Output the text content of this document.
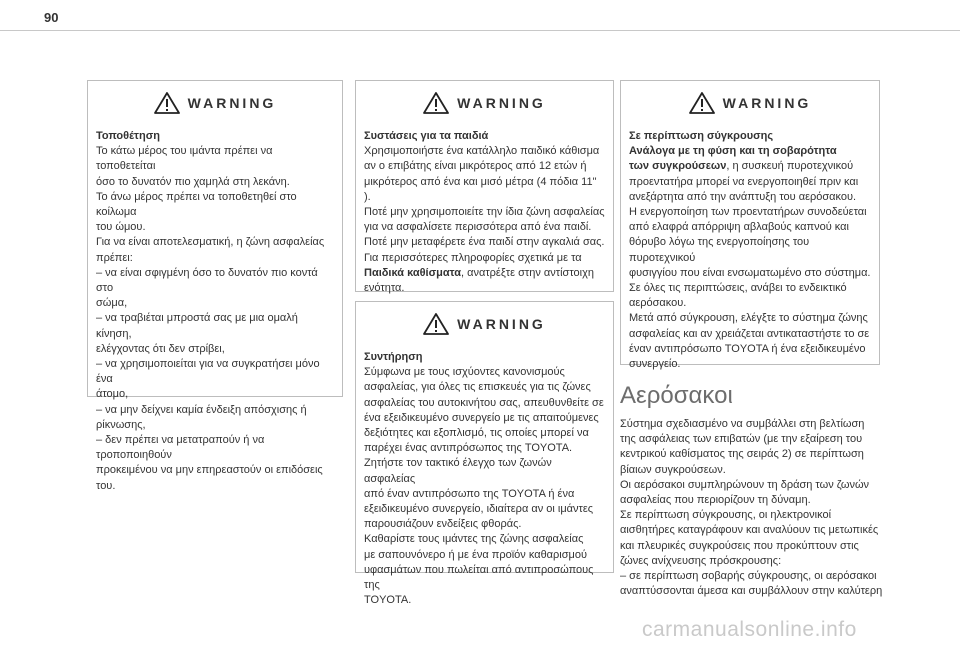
90
WARNING

Τοποθέτηση

Το κάτω μέρος του ιμάντα πρέπει να τοποθετείται

όσο το δυνατόν πιο χαμηλά στη λεκάνη.

Το άνω μέρος πρέπει να τοποθετηθεί στο κοίλωμα

του ώμου.

Για να είναι αποτελεσματική, η ζώνη ασφαλείας

πρέπει:

– να είναι σφιγμένη όσο το δυνατόν πιο κοντά στο

σώμα,

– να τραβιέται μπροστά σας με μια ομαλή κίνηση,

ελέγχοντας ότι δεν στρίβει,

– να χρησιμοποιείται για να συγκρατήσει μόνο ένα

άτομο,

– να μην δείχνει καμία ένδειξη απόσχισης ή

ρίκνωσης,

– δεν πρέπει να μετατραπούν ή να τροποποιηθούν

προκειμένου να μην επηρεαστούν οι επιδόσεις του.

WARNING

Συστάσεις για τα παιδιά

Χρησιμοποιήστε ένα κατάλληλο παιδικό κάθισμα

αν ο επιβάτης είναι μικρότερος από 12 ετών ή

μικρότερος από ένα και μισό μέτρα (4 πόδια 11" ).

Ποτέ μην χρησιμοποιείτε την ίδια ζώνη ασφαλείας

για να ασφαλίσετε περισσότερα από ένα παιδί.

Ποτέ μην μεταφέρετε ένα παιδί στην αγκαλιά σας.

Για περισσότερες πληροφορίες σχετικά με τα

Παιδικά καθίσματα, ανατρέξτε στην αντίστοιχη

ενότητα.

WARNING

Συντήρηση

Σύμφωνα με τους ισχύοντες κανονισμούς

ασφαλείας, για όλες τις επισκευές για τις ζώνες

ασφαλείας του αυτοκινήτου σας, απευθυνθείτε σε

ένα εξειδικευμένο συνεργείο με τις απαιτούμενες

δεξιότητες και εξοπλισμό, τις οποίες μπορεί να

παρέχει ένας αντιπρόσωπος της TOYOTA.

Ζητήστε τον τακτικό έλεγχο των ζωνών ασφαλείας

από έναν αντιπρόσωπο της TOYOTA ή ένα

εξειδικευμένο συνεργείο, ιδιαίτερα αν οι ιμάντες

παρουσιάζουν ενδείξεις φθοράς.

Καθαρίστε τους ιμάντες της ζώνης ασφαλείας

με σαπουνόνερο ή με ένα προϊόν καθαρισμού

υφασμάτων που πωλείται από αντιπροσώπους της

TOYOTA.

WARNING

Σε περίπτωση σύγκρουσης

Ανάλογα με τη φύση και τη σοβαρότητα

των συγκρούσεων, η συσκευή πυροτεχνικού

προεντατήρα μπορεί να ενεργοποιηθεί πριν και

ανεξάρτητα από την ανάπτυξη του αερόσακου.

Η ενεργοποίηση των προεντατήρων συνοδεύεται

από ελαφρά απόρριψη αβλαβούς καπνού και

θόρυβο λόγω της ενεργοποίησης του πυροτεχνικού

φυσιγγίου που είναι ενσωματωμένο στο σύστημα.

Σε όλες τις περιπτώσεις, ανάβει το ενδεικτικό

αερόσακου.

Μετά από σύγκρουση, ελέγξτε το σύστημα ζώνης

ασφαλείας και αν χρειάζεται αντικαταστήστε το σε

έναν αντιπρόσωπο TOYOTA ή ένα εξειδικευμένο

συνεργείο.

Αερόσακοι

Σύστημα σχεδιασμένο να συμβάλλει στη βελτίωση

της ασφάλειας των επιβατών (με την εξαίρεση του

κεντρικού καθίσματος της σειράς 2) σε περίπτωση

βίαιων συγκρούσεων.

Οι αερόσακοι συμπληρώνουν τη δράση των ζωνών

ασφαλείας που περιορίζουν τη δύναμη.

Σε περίπτωση σύγκρουσης, οι ηλεκτρονικοί

αισθητήρες καταγράφουν και αναλύουν τις μετωπικές

και πλευρικές συγκρούσεις που προκύπτουν στις

ζώνες ανίχνευσης πρόσκρουσης:

– σε περίπτωση σοβαρής σύγκρουσης, οι αερόσακοι

αναπτύσσονται άμεσα και συμβάλλουν στην καλύτερη

carmanualsonline.info
